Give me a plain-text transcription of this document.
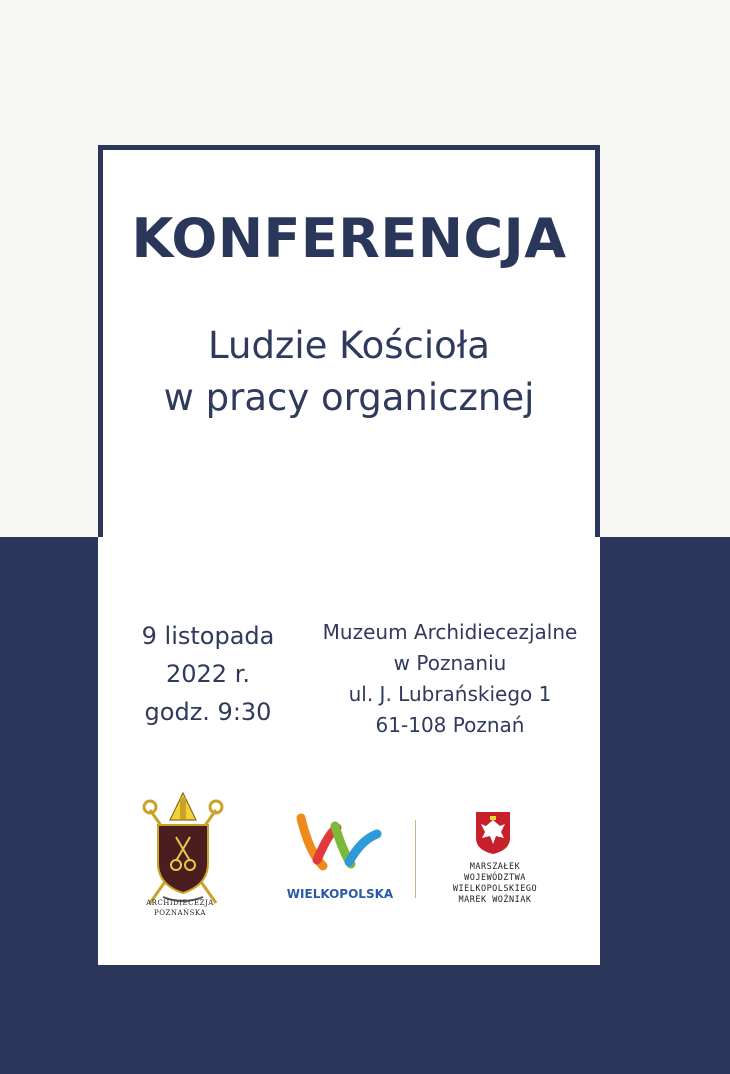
KONFERENCJA
Ludzie Kościoła
w pracy organicznej
9 listopada
2022 r.
godz. 9:30
Muzeum Archidiecezjalne
w Poznaniu
ul. J. Lubrańskiego 1
61-108 Poznań
ARCHIDIECEZJA
POZNAŃSKA
WIELKOPOLSKA
MARSZAŁEK
WOJEWÓDZTWA
WIELKOPOLSKIEGO
MAREK WOŹNIAK
